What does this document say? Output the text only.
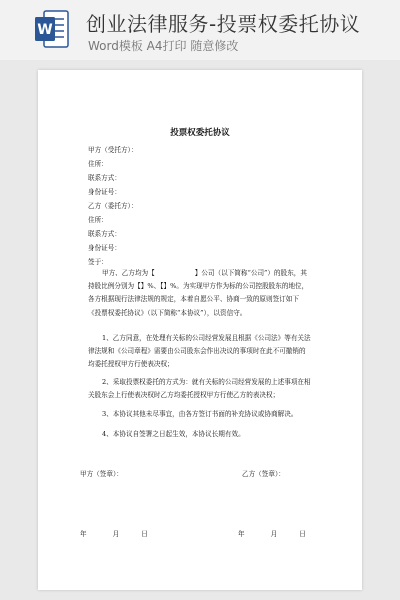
W 创业法律服务-投票权委托协议
Word模板 A4打印 随意修改
投票权委托协议
甲方（受托方）：
住所：
联系方式：
身份证号：
乙方（委托方）：
住所：
联系方式：
身份证号：
签于：
甲方、乙方均为【	】公司（以下简称“公司”）的股东，其持股比例分别为【】%、【】%。为实现甲方作为标的公司控股股东的地位，各方根据现行法律法规的规定，本着自愿公平、协商一致的原则签订如下《投票权委托协议》（以下简称“本协议”），以资信守。
1、乙方同意，在处理有关标的公司经营发展且根据《公司法》等有关法律法规和《公司章程》需要由公司股东会作出决议的事项时在此不可撤销的均委托授权甲方行使表决权；
2、采取投票权委托的方式为：就有关标的公司经营发展的上述事项在相关股东会上行使表决权时乙方均委托授权甲方行使乙方的表决权；
3、本协议其他未尽事宜，由各方签订书面的补充协议或协商解决。
4、本协议自签署之日起生效，本协议长期有效。
甲方（签章）：	乙方（签章）：
年	月	日	年	月	日
